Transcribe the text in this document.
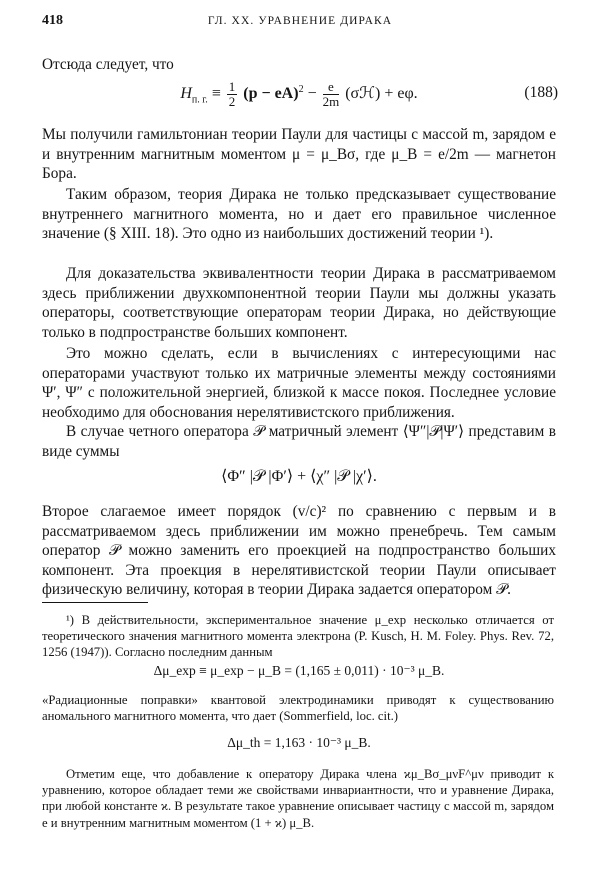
418	ГЛ. XX. УРАВНЕНИЕ ДИРАКА
Отсюда следует, что
$H_{п. г.} \equiv \frac{1}{2} (p - eA)^2 - \frac{e}{2m}$ (σℋ) + eφ.	(188)
Мы получили гамильтониан теории Паули для частицы с массой m, зарядом e и внутренним магнитным моментом μ = μ_Bσ, где μ_B = e/2m — магнетон Бора.
Таким образом, теория Дирака не только предсказывает существование внутреннего магнитного момента, но и дает его правильное численное значение (§ XIII. 18). Это одно из наибольших достижений теории ¹).
Для доказательства эквивалентности теории Дирака в рассматриваемом здесь приближении двухкомпонентной теории Паули мы должны указать операторы, соответствующие операторам теории Дирака, но действующие только в подпространстве больших компонент.
Это можно сделать, если в вычислениях с интересующими нас операторами участвуют только их матричные элементы между состояниями Ψ′, Ψ″ с положительной энергией, близкой к массе покоя. Последнее условие необходимо для обоснования нерелятивистского приближения.
В случае четного оператора 𝒫 матричный элемент ⟨Ψ″|𝒫|Ψ′⟩ представим в виде суммы
⟨Φ″ |𝒫 |Φ′⟩ + ⟨χ″ |𝒫 |χ′⟩.
Второе слагаемое имеет порядок (v/c)² по сравнению с первым и в рассматриваемом здесь приближении им можно пренебречь. Тем самым оператор 𝒫 можно заменить его проекцией на подпространство больших компонент. Эта проекция в нерелятивистской теории Паули описывает физическую величину, которая в теории Дирака задается оператором 𝒫.
¹) В действительности, экспериментальное значение μ_exp несколько отличается от теоретического значения магнитного момента электрона (P. Kusch, H. M. Foley. Phys. Rev. 72, 1256 (1947)). Согласно последним данным
Δμ_exp ≡ μ_exp − μ_B = (1,165 ± 0,011) · 10⁻³ μ_B.
«Радиационные поправки» квантовой электродинамики приводят к существованию аномального магнитного момента, что дает (Sommerfield, loc. cit.)
Δμ_th = 1,163 · 10⁻³ μ_B.
Отметим еще, что добавление к оператору Дирака члена ϰμ_Bσ_μνF^μν приводит к уравнению, которое обладает теми же свойствами инвариантности, что и уравнение Дирака, при любой константе ϰ. В результате такое уравнение описывает частицу с массой m, зарядом e и внутренним магнитным моментом (1 + ϰ) μ_B.
